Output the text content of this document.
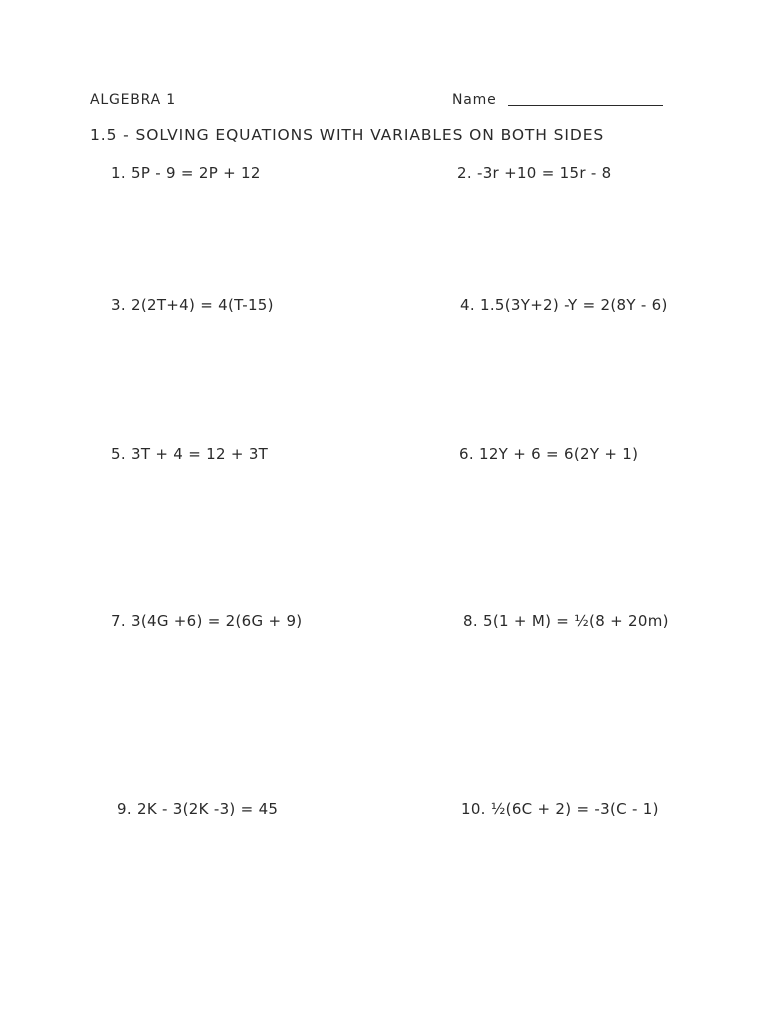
ALGEBRA 1	Name
1.5 - SOLVING EQUATIONS WITH VARIABLES ON BOTH SIDES
1. 5P - 9 = 2P + 12	2. -3r +10 = 15r - 8
3. 2(2T+4) = 4(T-15)	4. 1.5(3Y+2) -Y = 2(8Y - 6)
5. 3T + 4 = 12 + 3T	6. 12Y + 6 = 6(2Y + 1)
7. 3(4G +6) = 2(6G + 9)	8. 5(1 + M) = ½(8 + 20m)
9. 2K - 3(2K -3) = 45	10. ½(6C + 2) = -3(C - 1)
